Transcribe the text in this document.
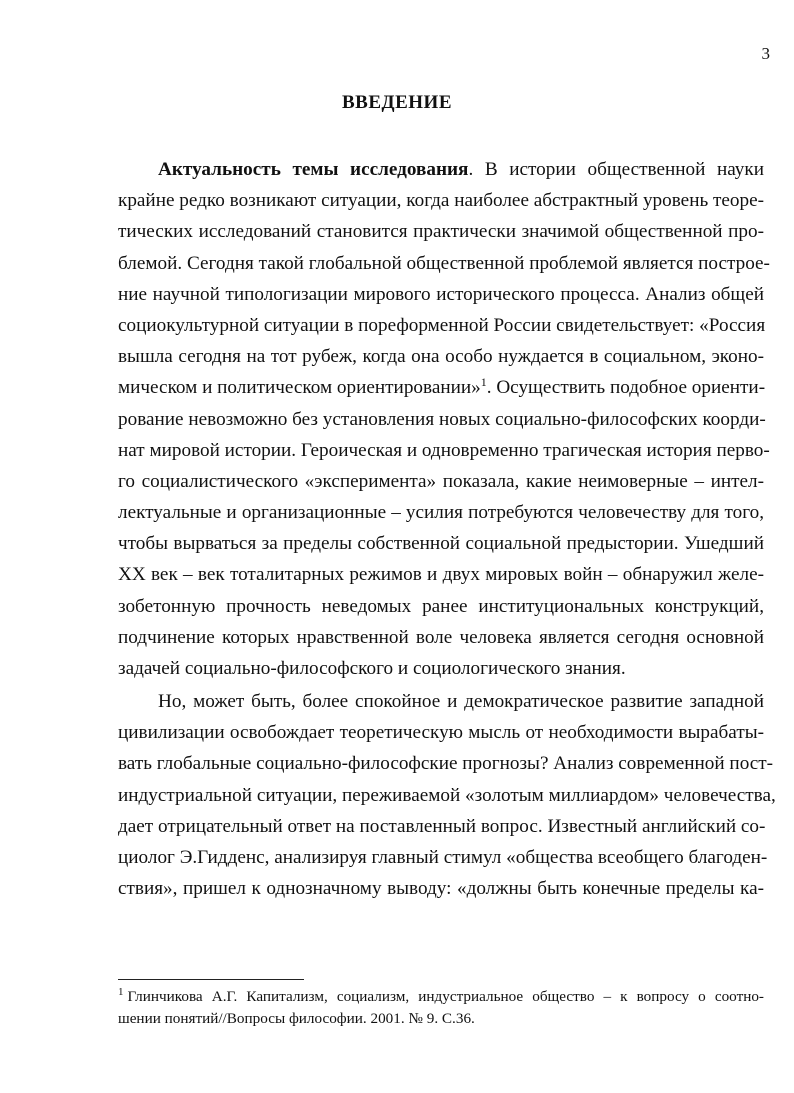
3
ВВЕДЕНИЕ
Актуальность темы исследования. В истории общественной науки
крайне редко возникают ситуации, когда наиболее абстрактный уровень теоре-
тических исследований становится практически значимой общественной про-
блемой. Сегодня такой глобальной общественной проблемой является построе-
ние научной типологизации мирового исторического процесса. Анализ общей
социокультурной ситуации в пореформенной России свидетельствует: «Россия
вышла сегодня на тот рубеж, когда она особо нуждается в социальном, эконо-
мическом и политическом ориентировании»$^1$. Осуществить подобное ориенти-
рование невозможно без установления новых социально-философских коорди-
нат мировой истории. Героическая и одновременно трагическая история перво-
го социалистического «эксперимента» показала, какие неимоверные – интел-
лектуальные и организационные – усилия потребуются человечеству для того,
чтобы вырваться за пределы собственной социальной предыстории. Ушедший
XX век – век тоталитарных режимов и двух мировых войн – обнаружил желе-
зобетонную прочность неведомых ранее институциональных конструкций,
подчинение которых нравственной воле человека является сегодня основной
задачей социально-философского и социологического знания.
Но, может быть, более спокойное и демократическое развитие западной
цивилизации освобождает теоретическую мысль от необходимости вырабаты-
вать глобальные социально-философские прогнозы? Анализ современной пост-
индустриальной ситуации, переживаемой «золотым миллиардом» человечества,
дает отрицательный ответ на поставленный вопрос. Известный английский со-
циолог Э.Гидденс, анализируя главный стимул «общества всеобщего благоден-
ствия», пришел к однозначному выводу: «должны быть конечные пределы ка-
$^1$ Глинчикова А.Г. Капитализм, социализм, индустриальное общество – к вопросу о соотно-
шении понятий//Вопросы философии. 2001. № 9. С.36.
